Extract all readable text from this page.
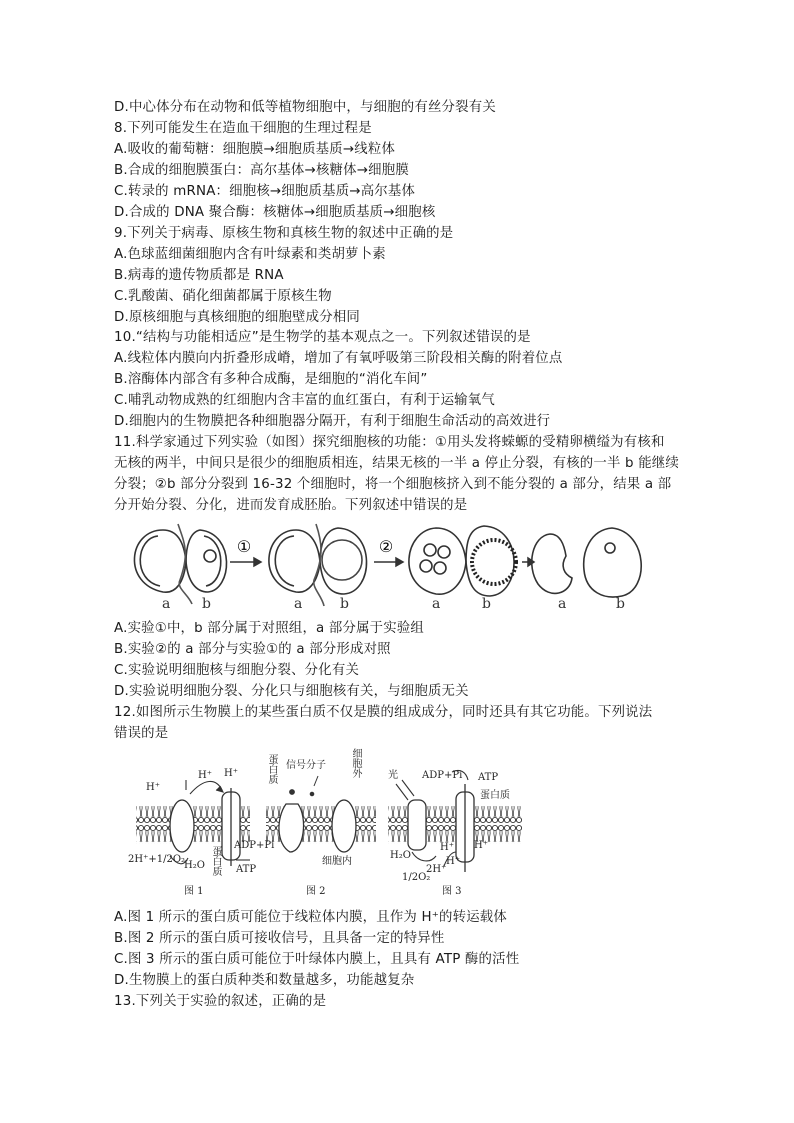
D.中心体分布在动物和低等植物细胞中，与细胞的有丝分裂有关
8.下列可能发生在造血干细胞的生理过程是
A.吸收的葡萄糖：细胞膜→细胞质基质→线粒体
B.合成的细胞膜蛋白：高尔基体→核糖体→细胞膜
C.转录的 mRNA：细胞核→细胞质基质→高尔基体
D.合成的 DNA 聚合酶：核糖体→细胞质基质→细胞核
9.下列关于病毒、原核生物和真核生物的叙述中正确的是
A.色球蓝细菌细胞内含有叶绿素和类胡萝卜素
B.病毒的遗传物质都是 RNA
C.乳酸菌、硝化细菌都属于原核生物
D.原核细胞与真核细胞的细胞壁成分相同
10.“结构与功能相适应”是生物学的基本观点之一。下列叙述错误的是
A.线粒体内膜向内折叠形成嵴，增加了有氧呼吸第三阶段相关酶的附着位点
B.溶酶体内部含有多种合成酶，是细胞的“消化车间”
C.哺乳动物成熟的红细胞内含丰富的血红蛋白，有利于运输氧气
D.细胞内的生物膜把各种细胞器分隔开，有利于细胞生命活动的高效进行
11.科学家通过下列实验（如图）探究细胞核的功能：①用头发将蝾螈的受精卵横缢为有核和
无核的两半，中间只是很少的细胞质相连，结果无核的一半 a 停止分裂，有核的一半 b 能继续
分裂；②b 部分分裂到 16-32 个细胞时，将一个细胞核挤入到不能分裂的 a 部分，结果 a 部
分开始分裂、分化，进而发育成胚胎。下列叙述中错误的是
①	②
a b	a	b	a	b	a	b
A.实验①中，b 部分属于对照组，a 部分属于实验组
B.实验②的 a 部分与实验①的 a 部分形成对照
C.实验说明细胞核与细胞分裂、分化有关
D.实验说明细胞分裂、分化只与细胞核有关，与细胞质无关
12.如图所示生物膜上的某些蛋白质不仅是膜的组成成分，同时还具有其它功能。下列说法
错误的是
H⁺
H⁺ H⁺
2H⁺+1/2O₂
H₂O
ADP+Pi
ATP
蛋白质
图 1
蛋白质 信号分子 细胞外
细胞内
图 2
光 ADP+Pi ATP
蛋白质
H₂O
1/2O₂
2H⁺
H⁺
H⁺
H⁺
图 3
A.图 1 所示的蛋白质可能位于线粒体内膜，且作为 H⁺的转运载体
B.图 2 所示的蛋白质可接收信号，且具备一定的特异性
C.图 3 所示的蛋白质可能位于叶绿体内膜上，且具有 ATP 酶的活性
D.生物膜上的蛋白质种类和数量越多，功能越复杂
13.下列关于实验的叙述，正确的是
